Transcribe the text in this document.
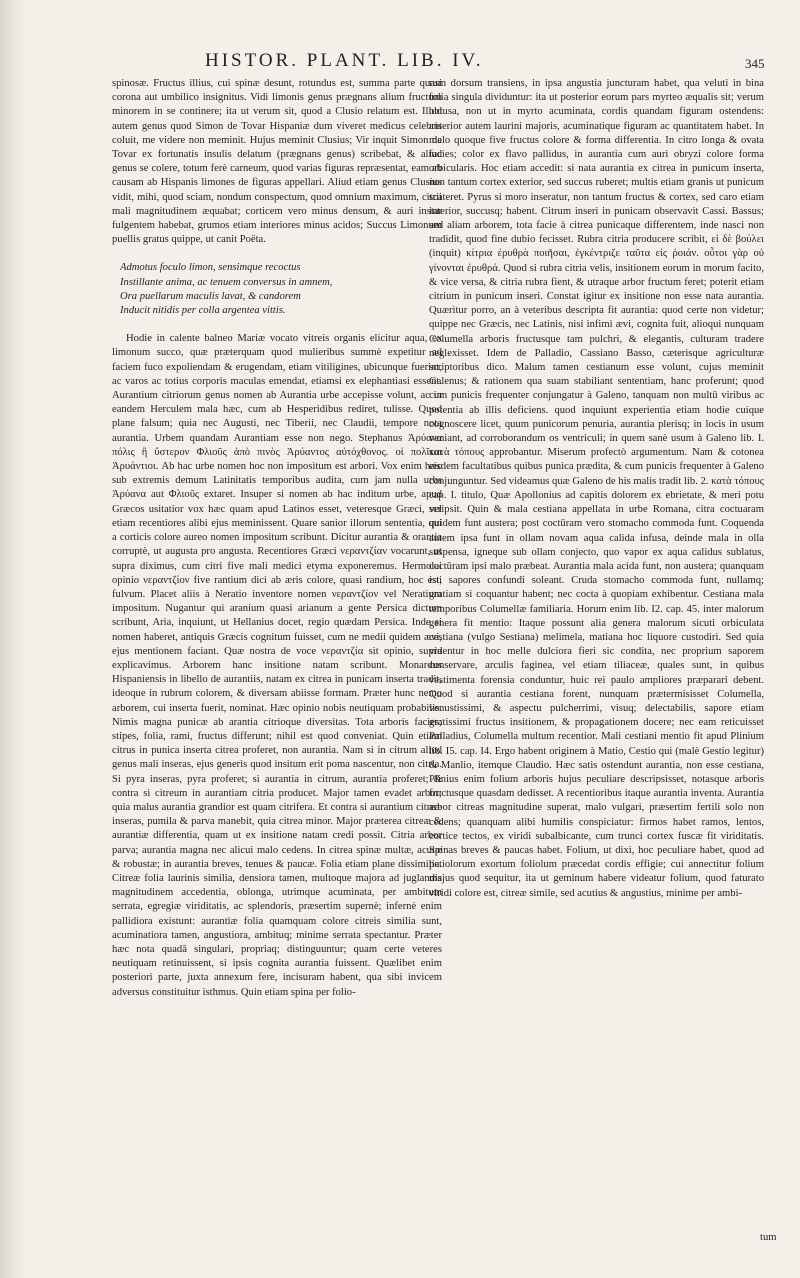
HISTOR. PLANT. LIB. IV.	345

spinosæ. Fructus illius, cui spinæ desunt, rotundus est, summa parte quasi corona aut umbilico insignitus. Vidi limonis genus prægnans alium fructum minorem in se continere; ita ut verum sit, quod a Clusio relatum est. Illud autem genus quod Simon de Tovar Hispaniæ dum viveret medicus celebris coluit, me videre non meminit. Hujus meminit Clusius; Vir inquit Simon de Tovar ex fortunatis insulis delatum (prægnans genus) scribebat, & aliud genus se colere, totum ferè carneum, quod varias figuras repræsentat, eam ab causam ab Hispanis limones de figuras appellari. Aliud etiam genus Clusius vidit, mihi, quod sciam, nondum conspectum, quod omnium maximum, citrii mali magnitudinem æquabat; corticem vero minus densum, & auri instar fulgentem habebat, grumos etiam interiores minus acidos; Succus Limonum puellis gratus quippe, ut canit Poëta.

Admotus foculo limon, sensimque recoctus
Instillante anima, ac tenuem conversus in amnem,
Ora puellarum maculis lavat, & candorem
Inducit nitidis per colla argentea vittis.

Hodie in calente balneo Mariæ vocato vitreis organis elicitur aqua, ex limonum succo, quæ præterquam quod mulieribus summè expetitur ad faciem fuco expoliendam & erugendam, etiam vitiligines, ubicunque fuerint, ac varos ac totius corporis maculas emendat, etiamsi ex elephantiasi essent. Aurantium citriorum genus nomen ab Aurantia urbe accepisse volunt, ac in eandem Herculem mala hæc, cum ab Hesperidibus rediret, tulisse. Quod plane falsum; quia nec Augusti, nec Tiberii, nec Claudii, tempore nota aurantia. Urbem quandam Aurantiam esse non nego. Stephanus Ἀρύανα πόλις ἢ ὕστερον Φλιοῦς ἀπὸ πινὸς Ἀρύαντος αὐτόχθονος. οἱ πολῖται Ἀρυάντιοι. Ab hac urbe nomen hoc non impositum est arbori. Vox enim hæc sub extremis demum Latinitatis temporibus audita, cum jam nulla urbs Ἀρύανα aut Φλιοῦς extaret. Insuper si nomen ab hac inditum urbe, apud Græcos usitatior vox hæc quam apud Latinos esset, veteresque Græci, vel etiam recentiores alibi ejus meminissent. Quare sanior illorum sententia, qui a corticis colore aureo nomen impositum scribunt. Dicitur aurantia & orantia corruptè, ut augusta pro angusta. Recentiores Græci νεραντζίαν vocarunt, ut supra diximus, cum citri five mali medici etyma exponeremus. Hermolai opinio νεραντζίον five rantium dici ab æris colore, quasi randium, hoc est, fulvum. Placet aliis à Neratio inventore nomen νεραντζίον vel Neratium impositum. Nugantur qui aranium quasi arianum a gente Persica dictum scribunt, Aria, inquiunt, ut Hellanius docet, regio quædam Persica. Inde si nomen haberet, antiquis Græcis cognitum fuisset, cum ne medii quidem ævi, ejus mentionem faciant. Quæ nostra de voce νεραντζία sit opinio, supra explicavimus. Arborem hanc insitione natam scribunt. Monardus Hispaniensis in libello de aurantiis, natam ex citrea in punicam inserta tradit, ideoque in rubrum colorem, & diversam abiisse formam. Præter hunc nemo arborem, cui inserta fuerit, nominat. Hæc opinio nobis neutiquam probabilis. Nimis magna punicæ ab arantia citrioque diversitas. Tota arboris facies; stipes, folia, rami, fructus differunt; nihil est quod conveniat. Quin etiam citrus in punica inserta citrea proferet, non aurantia. Nam si in citrum aliud genus mali inseras, ejus generis quod insitum erit poma nascentur, non citria. Si pyra inseras, pyra proferet; si aurantia in citrum, aurantia proferet; & contra si citreum in aurantiam citria producet. Major tamen evadet arbor; quia malus aurantia grandior est quam citrifera. Et contra si aurantium citreæ inseras, pumila & parva manebit, quia citrea minor. Major præterea citreæ & aurantiæ differentia, quam ut ex insitione natam credi possit. Citria arbor parva; aurantia magna nec alicui malo cedens. In citrea spinæ multæ, acutæ & robustæ; in aurantia breves, tenues & paucæ. Folia etiam plane dissimilia. Citreæ folia laurinis similia, densiora tamen, multoque majora ad juglandis magnitudinem accedentia, oblonga, utrimque acuminata, per ambitum serrata, egregiæ viriditatis, ac splendoris, præsertim supernè; infernè enim pallidiora existunt: aurantiæ folia quamquam colore citreis similia sunt, acuminatiora tamen, angustiora, ambituq; minime serrata spectantur. Præter hæc nota quadā singulari, propriaq; distinguuntur; quam certe veteres neutiquam retinuissent, si ipsis cognita aurantia fuissent. Quælibet enim posteriori parte, juxta annexum fere, incisuram habent, qua sibi invicem adversus constituitur isthmus. Quin etiam spina per folio-

rum dorsum transiens, in ipsa angustia juncturam habet, qua veluti in bina folia singula dividuntur: ita ut posterior eorum pars myrteo æqualis sit; verum obtusa, non ut in myrto acuminata, cordis quandam figuram ostendens: anterior autem laurini majoris, acuminatique figuram ac quantitatem habet. In malo quoque five fructus colore & forma differentia. In citro longa & ovata facies; color ex flavo pallidus, in aurantia cum auri obryzi colore forma orbicularis. Hoc etiam accedit: si nata aurantia ex citrea in punicum inserta, non tantum cortex exterior, sed succus ruberet; multis etiam granis ut punicum scateret. Pyrus si moro inseratur, non tantum fructus & cortex, sed caro etiam interior, succusq; habent. Citrum inseri in punicam observavit Cassi. Bassus; sed aliam arborem, tota facie à citrea punicaque differentem, inde nasci non tradidit, quod fine dubio fecisset. Rubra citria producere scribit, εἰ δὲ βούλει (inquit) κίτρια ἐρυθρὰ ποιῆσαι, ἐγκέντριζε ταῦτα εἰς ῥοιάν. οὗτοι γὰρ οὐ γίνονται ἐρυθρά. Quod si rubra citria velis, insitionem eorum in morum facito, & vice versa, & citria rubra fient, & utraque arbor fructum feret; poterit etiam citrium in punicum inseri. Constat igitur ex insitione non esse nata aurantia. Quæritur porro, an à veteribus descripta fit aurantia: quod certe non videtur; quippe nec Græcis, nec Latinis, nisi infimi ævi, cognita fuit, alioqui nunquam Columella arboris fructusque tam pulchri, & elegantis, culturam tradere neglexisset. Idem de Palladio, Cassiano Basso, cæterisque agriculturæ scriptoribus dico. Malum tamen cestianum esse volunt, cujus meminit Galenus; & rationem qua suam stabiliant sententiam, hanc proferunt; quod cum punicis frequenter conjungatur à Galeno, tanquam non multū viribus ac potentia ab illis deficiens. quod inquiunt experientia etiam hodie cuique cognoscere licet, quum punicorum penuria, aurantia plerisq; in locis in usum veniant, ad corroborandum os ventriculi; in quem sanè usum à Galeno lib. I. κατὰ τόπους approbantur. Miserum profectò argumentum. Nam & cotonea eisdem facultatibus quibus punica prædita, & cum punicis frequenter à Galeno conjunguntur. Sed videamus quæ Galeno de his malis tradit lib. 2. κατὰ τόπους cap. I. titulo, Quæ Apollonius ad capitis dolorem ex ebrietate, & meri potu scripsit. Quin & mala cestiana appellata in urbe Romana, citra coctuaram quidem funt austera; post coctūram vero stomacho commoda funt. Coquenda autem ipsa funt in ollam novam aqua calida infusa, deinde mala in olla suspensa, igneque sub ollam conjecto, quo vapor ex aqua calidus sublatus, coctūram ipsi malo præbeat. Aurantia mala acida funt, non austera; quanquam isti sapores confundi soleant. Cruda stomacho commoda funt, nullamq; gratiam si coquantur habent; nec cocta à quopiam exhibentur. Cestiana mala temporibus Columellæ familiaria. Horum enim lib. I2. cap. 45. inter malorum genera fit mentio: Itaque possunt alia genera malorum sicuti orbiculata cestiana (vulgo Sestiana) melimela, matiana hoc liquore custodiri. Sed quia videntur in hoc melle dulciora fieri sic condita, nec proprium saporem conservare, arculis faginea, vel etiam tiliaceæ, quales sunt, in quibus vestimenta forensia conduntur, huic rei paulo ampliores præparari debent. Quod si aurantia cestiana forent, nunquam prætermisisset Columella, venustissimi, & aspectu pulcherrimi, visuq; delectabilis, sapore etiam gratissimi fructus insitionem, & propagationem docere; nec eam reticuisset Palladius, Columella multum recentior. Mali cestiani mentio fit apud Plinium lib. I5. cap. I4. Ergo habent originem à Matio, Cestio qui (malè Gestio legitur) & Manlio, itemque Claudio. Hæc satis ostendunt aurantia, non esse cestiana, Plinius enim folium arboris hujus peculiare descripsisset, notasque arboris fructusque quasdam dedisset. A recentioribus itaque aurantia inventa. Aurantia arbor citreas magnitudine superat, malo vulgari, præsertim fertili solo non cedens; quanquam alibi humilis conspiciatur: firmos habet ramos, lentos, cortice tectos, ex viridi subalbicante, cum trunci cortex fuscæ fit viriditatis. Spinas breves & paucas habet. Folium, ut dixi, hoc peculiare habet, quod ad petiolorum exortum foliolum præcedat cordis effigie; cui annectitur folium majus quod sequitur, ita ut geminum habere videatur folium, quod faturato viridi colore est, citreæ simile, sed acutius & angustius, minime per ambi-

tum
